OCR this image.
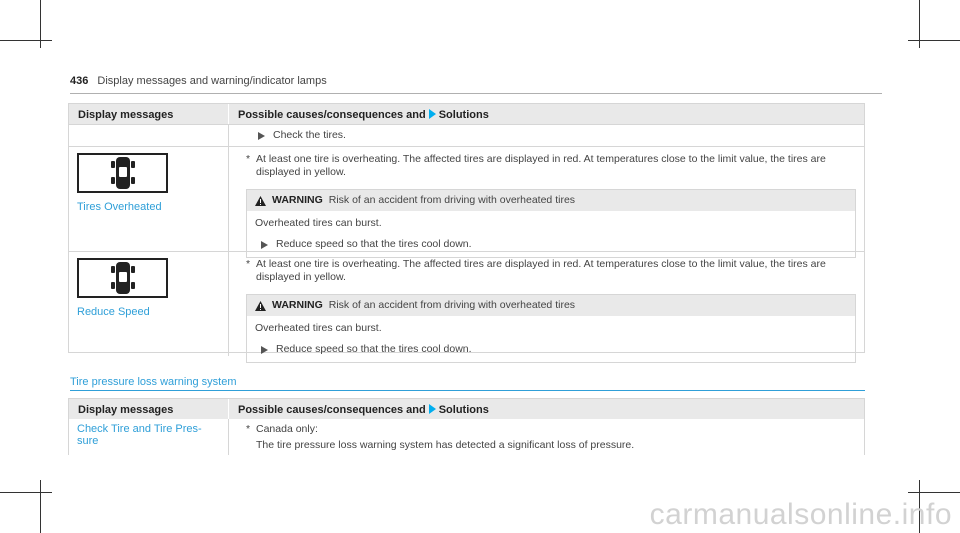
436 Display messages and warning/indicator lamps
Display messages	Possible causes/consequences and Solutions
Check the tires.
Tires Overheated
* At least one tire is overheating. The affected tires are displayed in red. At temperatures close to the limit value, the tires are displayed in yellow.
WARNING Risk of an accident from driving with overheated tires
Overheated tires can burst.
Reduce speed so that the tires cool down.
Reduce Speed
* At least one tire is overheating. The affected tires are displayed in red. At temperatures close to the limit value, the tires are displayed in yellow.
WARNING Risk of an accident from driving with overheated tires
Overheated tires can burst.
Reduce speed so that the tires cool down.
Tire pressure loss warning system
Display messages	Possible causes/consequences and Solutions
Check Tire and Tire Pres- sure
* Canada only:
The tire pressure loss warning system has detected a significant loss of pressure.
carmanualsonline.info
